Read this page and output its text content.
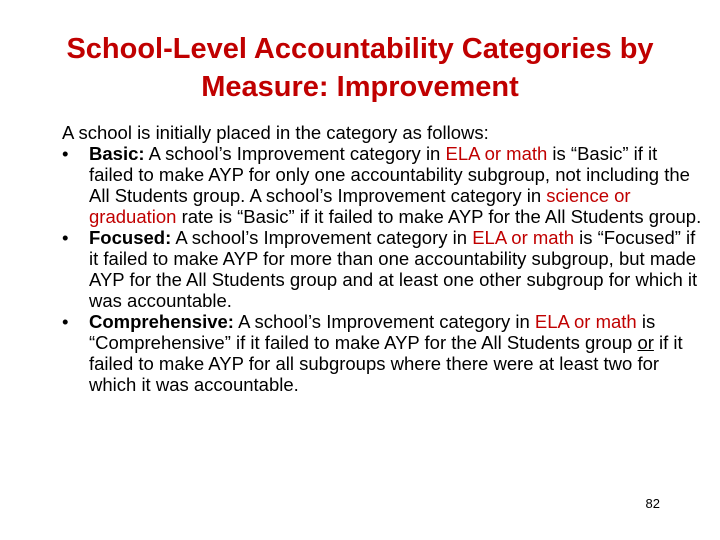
School-Level Accountability Categories by
Measure: Improvement

A school is initially placed in the category as follows:

•	Basic: A school’s Improvement category in ELA or math is “Basic” if it failed to make AYP for only one accountability subgroup, not including the All Students group. A school’s Improvement category in science or graduation rate is “Basic” if it failed to make AYP for the All Students group.
•	Focused: A school’s Improvement category in ELA or math is “Focused” if it failed to make AYP for more than one accountability subgroup, but made AYP for the All Students group and at least one other subgroup for which it was accountable.
•	Comprehensive: A school’s Improvement category in ELA or math is “Comprehensive” if it failed to make AYP for the All Students group or if it failed to make AYP for all subgroups where there were at least two for which it was accountable.
82
